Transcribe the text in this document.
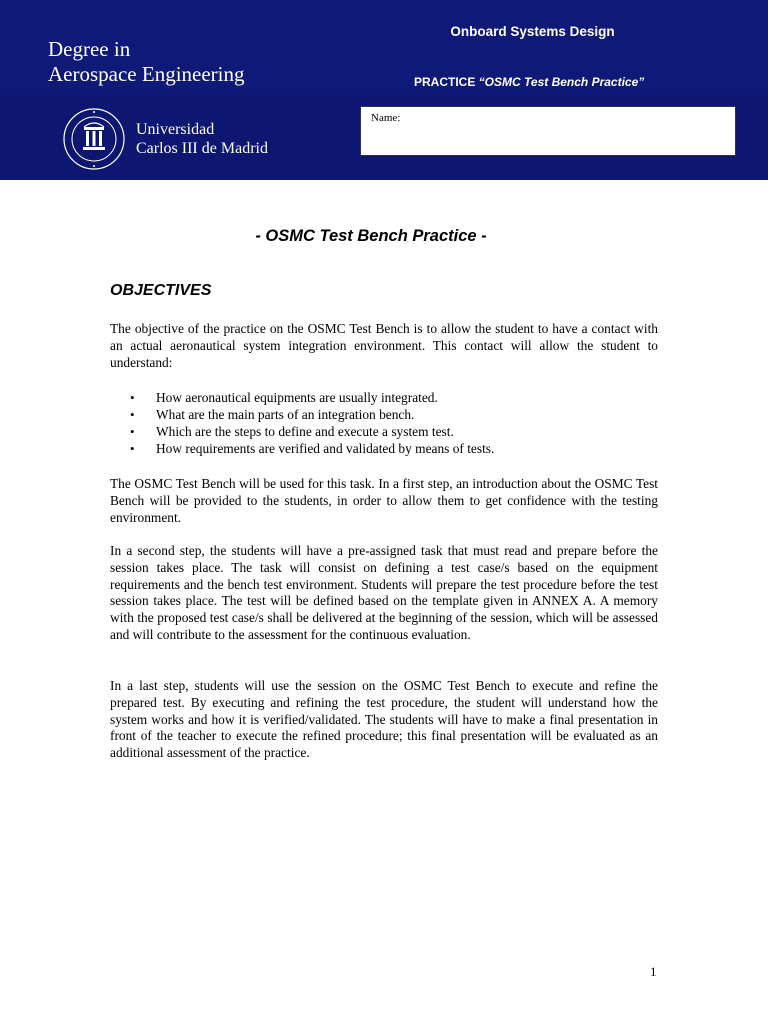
Degree in
Aerospace Engineering
Onboard Systems Design
PRACTICE “OSMC Test Bench Practice”
Universidad
Carlos III de Madrid
Name:
- OSMC Test Bench Practice -
OBJECTIVES
The objective of the practice on the OSMC Test Bench is to allow the student to have a contact with an actual aeronautical system integration environment. This contact will allow the student to understand:
• How aeronautical equipments are usually integrated.
• What are the main parts of an integration bench.
• Which are the steps to define and execute a system test.
• How requirements are verified and validated by means of tests.
The OSMC Test Bench will be used for this task. In a first step, an introduction about the OSMC Test Bench will be provided to the students, in order to allow them to get confidence with the testing environment.
In a second step, the students will have a pre-assigned task that must read and prepare before the session takes place. The task will consist on defining a test case/s based on the equipment requirements and the bench test environment. Students will prepare the test procedure before the test session takes place. The test will be defined based on the template given in ANNEX A. A memory with the proposed test case/s shall be delivered at the beginning of the session, which will be assessed and will contribute to the assessment for the continuous evaluation.
In a last step, students will use the session on the OSMC Test Bench to execute and refine the prepared test. By executing and refining the test procedure, the student will understand how the system works and how it is verified/validated. The students will have to make a final presentation in front of the teacher to execute the refined procedure; this final presentation will be evaluated as an additional assessment of the practice.
1
